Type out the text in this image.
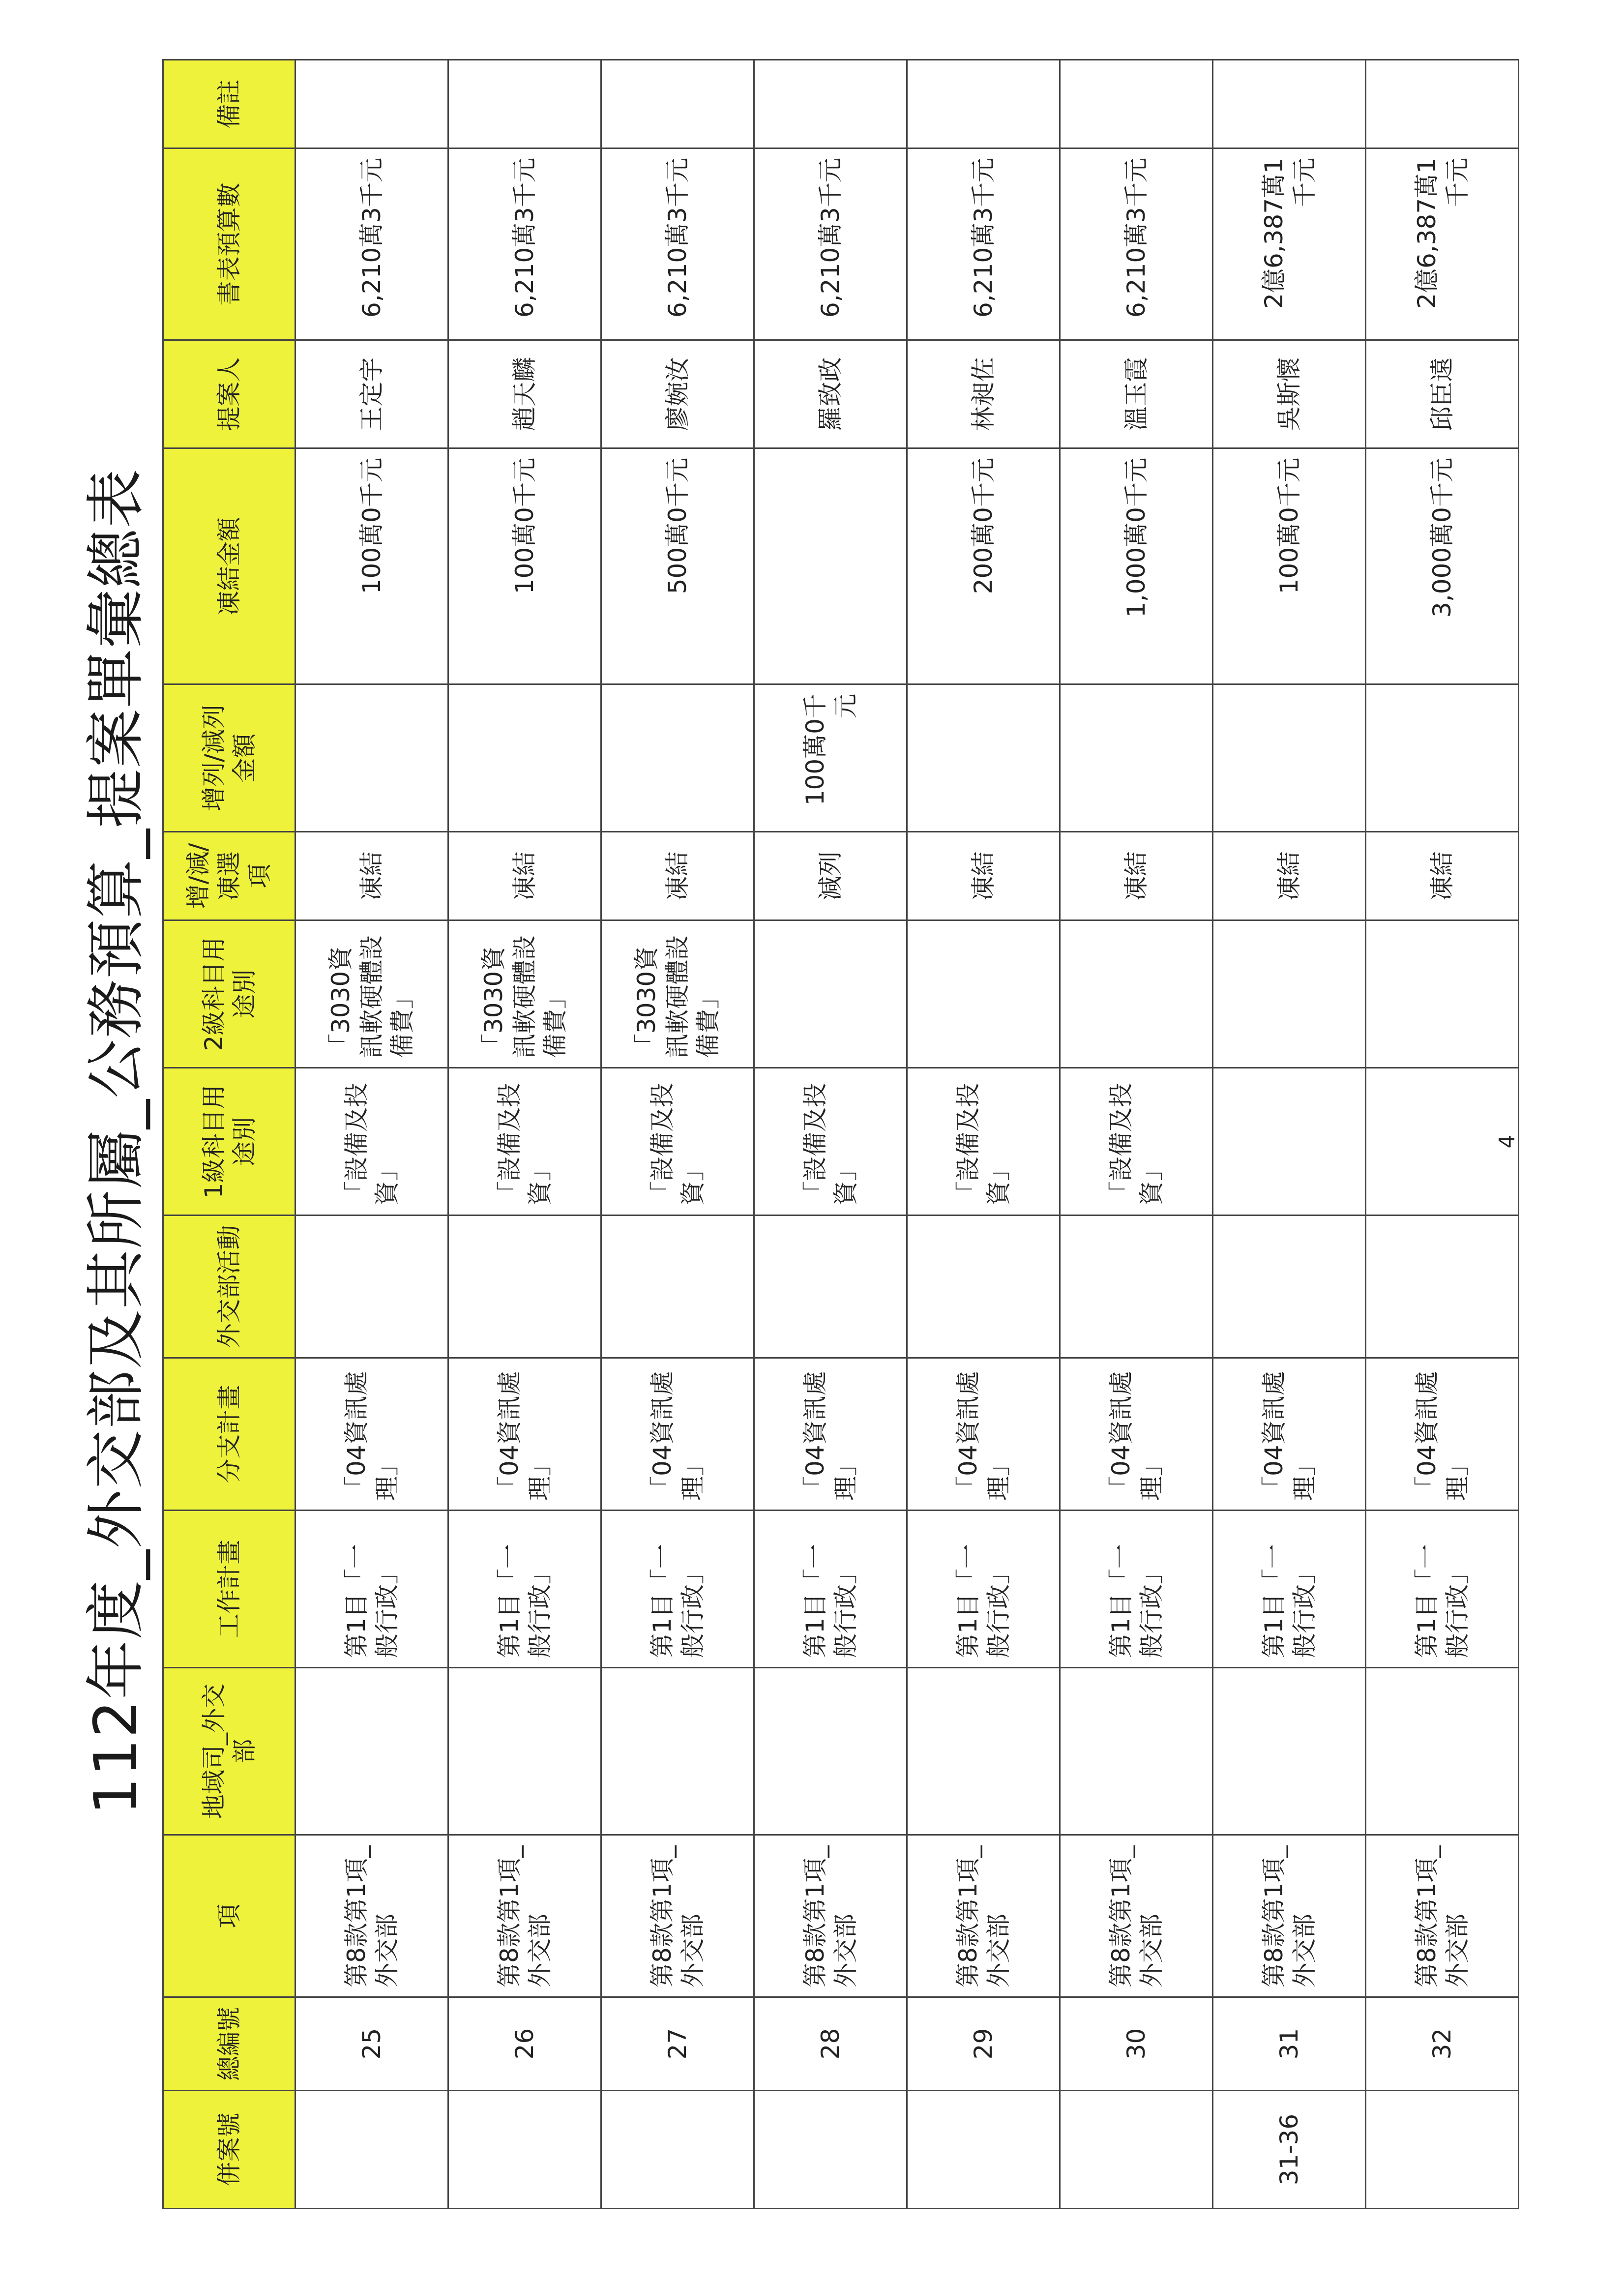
112年度_外交部及其所屬_公務預算_提案單彙總表
併案號	總編號	項	地域司_外交部	工作計畫	分支計畫	外交部活動	1級科目用途別	2級科目用途別	增/減/凍選項	增列/減列金額	凍結金額	提案人	書表預算數	備註
	25	第8款第1項_外交部		第1目「一般行政」	「04資訊處理」		「設備及投資」	「3030資訊軟硬體設備費」	凍結		100萬0千元	王定宇	6,210萬3千元	
	26	第8款第1項_外交部		第1目「一般行政」	「04資訊處理」		「設備及投資」	「3030資訊軟硬體設備費」	凍結		100萬0千元	趙天麟	6,210萬3千元	
	27	第8款第1項_外交部		第1目「一般行政」	「04資訊處理」		「設備及投資」	「3030資訊軟硬體設備費」	凍結		500萬0千元	廖婉汝	6,210萬3千元	
	28	第8款第1項_外交部		第1目「一般行政」	「04資訊處理」		「設備及投資」		減列	100萬0千元		羅致政	6,210萬3千元	
	29	第8款第1項_外交部		第1目「一般行政」	「04資訊處理」		「設備及投資」		凍結		200萬0千元	林昶佐	6,210萬3千元	
	30	第8款第1項_外交部		第1目「一般行政」	「04資訊處理」		「設備及投資」		凍結		1,000萬0千元	溫玉霞	6,210萬3千元	
31-36	31	第8款第1項_外交部		第1目「一般行政」	「04資訊處理」				凍結		100萬0千元	吳斯懷	2億6,387萬1千元	
	32	第8款第1項_外交部		第1目「一般行政」	「04資訊處理」				凍結		3,000萬0千元	邱臣遠	2億6,387萬1千元	
4
